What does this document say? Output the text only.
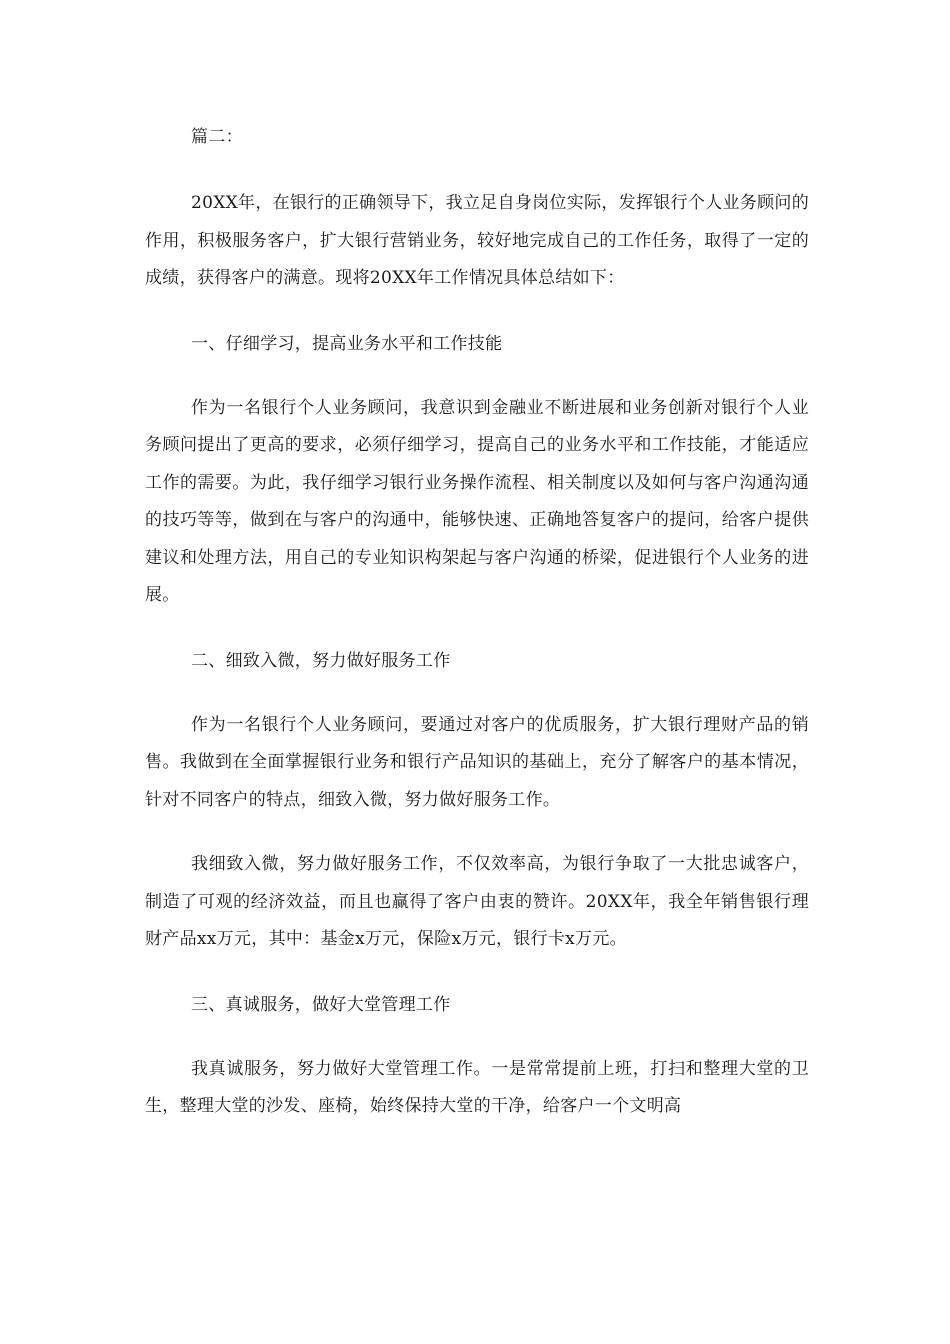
篇二：

20XX年，在银行的正确领导下，我立足自身岗位实际，发挥银行个人业务顾问的作用，积极服务客户，扩大银行营销业务，较好地完成自己的工作任务，取得了一定的成绩，获得客户的满意。现将20XX年工作情况具体总结如下：

一、仔细学习，提高业务水平和工作技能

作为一名银行个人业务顾问，我意识到金融业不断进展和业务创新对银行个人业务顾问提出了更高的要求，必须仔细学习，提高自己的业务水平和工作技能，才能适应工作的需要。为此，我仔细学习银行业务操作流程、相关制度以及如何与客户沟通沟通的技巧等等，做到在与客户的沟通中，能够快速、正确地答复客户的提问，给客户提供建议和处理方法，用自己的专业知识构架起与客户沟通的桥梁，促进银行个人业务的进展。

二、细致入微，努力做好服务工作

作为一名银行个人业务顾问，要通过对客户的优质服务，扩大银行理财产品的销售。我做到在全面掌握银行业务和银行产品知识的基础上，充分了解客户的基本情况，针对不同客户的特点，细致入微，努力做好服务工作。

我细致入微，努力做好服务工作，不仅效率高，为银行争取了一大批忠诚客户，制造了可观的经济效益，而且也赢得了客户由衷的赞许。20XX年，我全年销售银行理财产品xx万元，其中：基金x万元，保险x万元，银行卡x万元。

三、真诚服务，做好大堂管理工作

我真诚服务，努力做好大堂管理工作。一是常常提前上班，打扫和整理大堂的卫生，整理大堂的沙发、座椅，始终保持大堂的干净，给客户一个文明高
